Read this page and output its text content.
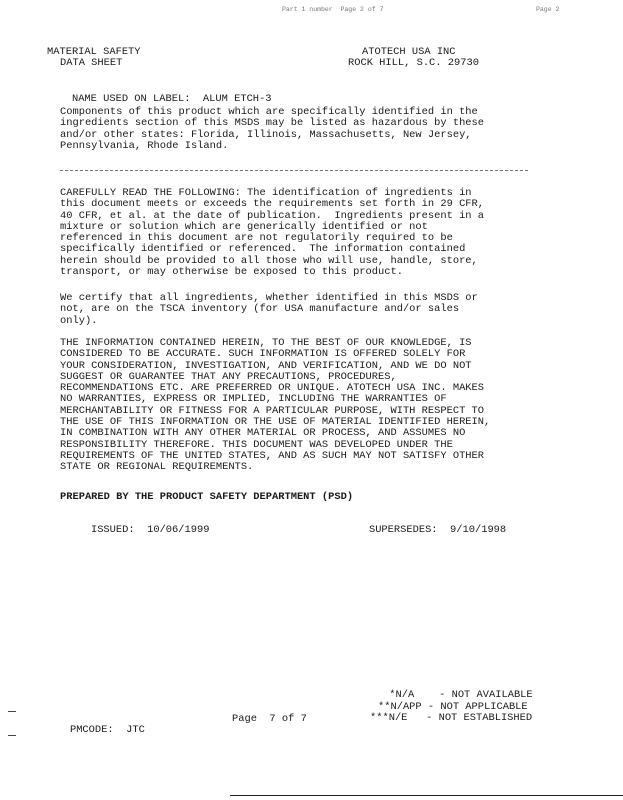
Part 1 number  Page 2 of 7	Page 2
MATERIAL SAFETY
DATA SHEET
ATOTECH USA INC
ROCK HILL, S.C. 29730

NAME USED ON LABEL: ALUM ETCH-3

Components of this product which are specifically identified in the
ingredients section of this MSDS may be listed as hazardous by these
and/or other states: Florida, Illinois, Massachusetts, New Jersey,
Pennsylvania, Rhode Island.
CAREFULLY READ THE FOLLOWING: The identification of ingredients in
this document meets or exceeds the requirements set forth in 29 CFR,
40 CFR, et al. at the date of publication.  Ingredients present in a
mixture or solution which are generically identified or not
referenced in this document are not regulatorily required to be
specifically identified or referenced.  The information contained
herein should be provided to all those who will use, handle, store,
transport, or may otherwise be exposed to this product.
We certify that all ingredients, whether identified in this MSDS or
not, are on the TSCA inventory (for USA manufacture and/or sales
only).
THE INFORMATION CONTAINED HEREIN, TO THE BEST OF OUR KNOWLEDGE, IS
CONSIDERED TO BE ACCURATE. SUCH INFORMATION IS OFFERED SOLELY FOR
YOUR CONSIDERATION, INVESTIGATION, AND VERIFICATION, AND WE DO NOT
SUGGEST OR GUARANTEE THAT ANY PRECAUTIONS, PROCEDURES,
RECOMMENDATIONS ETC. ARE PREFERRED OR UNIQUE. ATOTECH USA INC. MAKES
NO WARRANTIES, EXPRESS OR IMPLIED, INCLUDING THE WARRANTIES OF
MERCHANTABILITY OR FITNESS FOR A PARTICULAR PURPOSE, WITH RESPECT TO
THE USE OF THIS INFORMATION OR THE USE OF MATERIAL IDENTIFIED HEREIN,
IN COMBINATION WITH ANY OTHER MATERIAL OR PROCESS, AND ASSUMES NO
RESPONSIBILITY THEREFORE. THIS DOCUMENT WAS DEVELOPED UNDER THE
REQUIREMENTS OF THE UNITED STATES, AND AS SUCH MAY NOT SATISFY OTHER
STATE OR REGIONAL REQUIREMENTS.
PREPARED BY THE PRODUCT SAFETY DEPARTMENT (PSD)

ISSUED: 10/06/1999
	SUPERSEDES: 9/10/1998

*N/A    - NOT AVAILABLE
**N/APP - NOT APPLICABLE
***N/E   - NOT ESTABLISHED

PMCODE: JTC

Page  7 of 7
